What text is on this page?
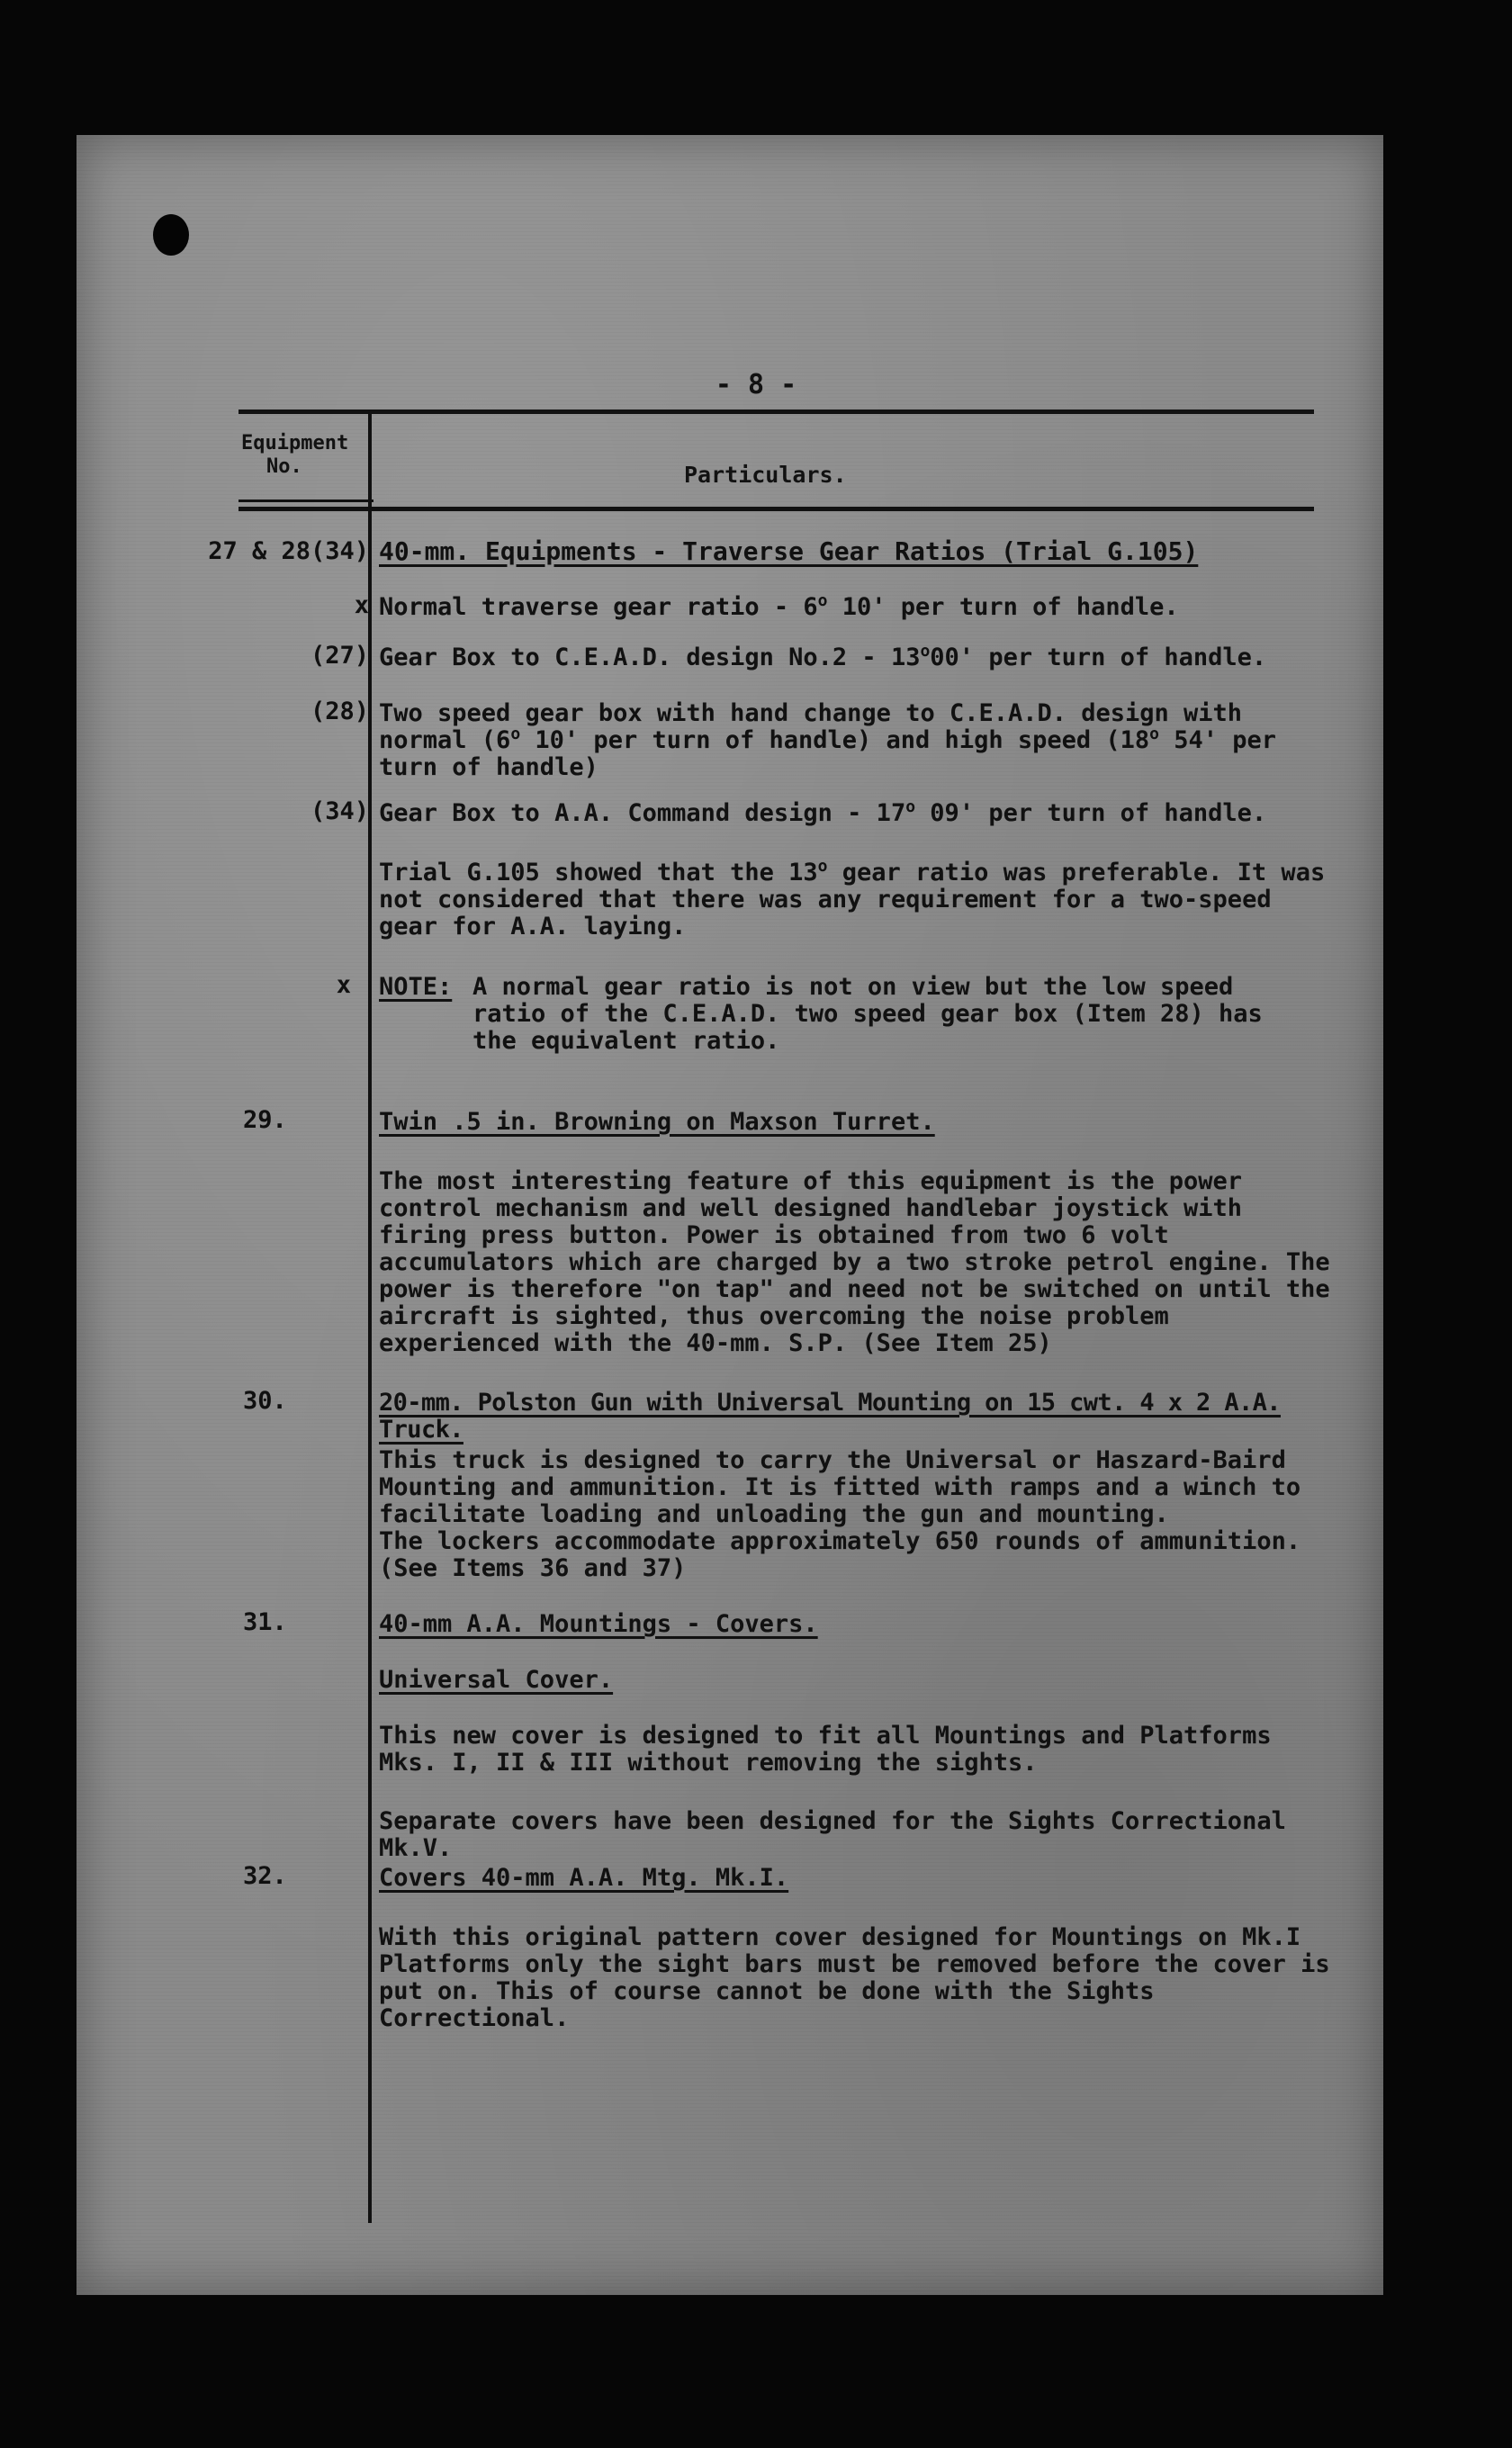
- 8 -
Equipment
No.	Particulars.
27 & 28(34) 40-mm. Equipments - Traverse Gear Ratios (Trial G.105)
x Normal traverse gear ratio - 6$^o$ 10' per turn of handle.
(27) Gear Box to C.E.A.D. design No.2 - 13$^o$00' per turn of handle.
(28) Two speed gear box with hand change to C.E.A.D. design with normal (6$^o$ 10' per turn of handle) and high speed (18$^o$ 54' per turn of handle)
(34) Gear Box to A.A. Command design - 17$^o$ 09' per turn of handle.
Trial G.105 showed that the 13$^o$ gear ratio was preferable. It was not considered that there was any requirement for a two-speed gear for A.A. laying.
x NOTE: A normal gear ratio is not on view but the low speed ratio of the C.E.A.D. two speed gear box (Item 28) has the equivalent ratio.
29.	Twin .5 in. Browning on Maxson Turret.
The most interesting feature of this equipment is the power control mechanism and well designed handlebar joystick with firing press button. Power is obtained from two 6 volt accumulators which are charged by a two stroke petrol engine. The power is therefore "on tap" and need not be switched on until the aircraft is sighted, thus overcoming the noise problem experienced with the 40-mm. S.P. (See Item 25)
30.	20-mm. Polston Gun with Universal Mounting on 15 cwt. 4 x 2 A.A. Truck.
This truck is designed to carry the Universal or Haszard-Baird Mounting and ammunition. It is fitted with ramps and a winch to facilitate loading and unloading the gun and mounting.
The lockers accommodate approximately 650 rounds of ammunition. (See Items 36 and 37)
31.	40-mm A.A. Mountings - Covers.
Universal Cover.
This new cover is designed to fit all Mountings and Platforms Mks. I, II & III without removing the sights.
Separate covers have been designed for the Sights Correctional Mk.V.
32.	Covers 40-mm A.A. Mtg. Mk.I.
With this original pattern cover designed for Mountings on Mk.I Platforms only the sight bars must be removed before the cover is put on. This of course cannot be done with the Sights Correctional.
